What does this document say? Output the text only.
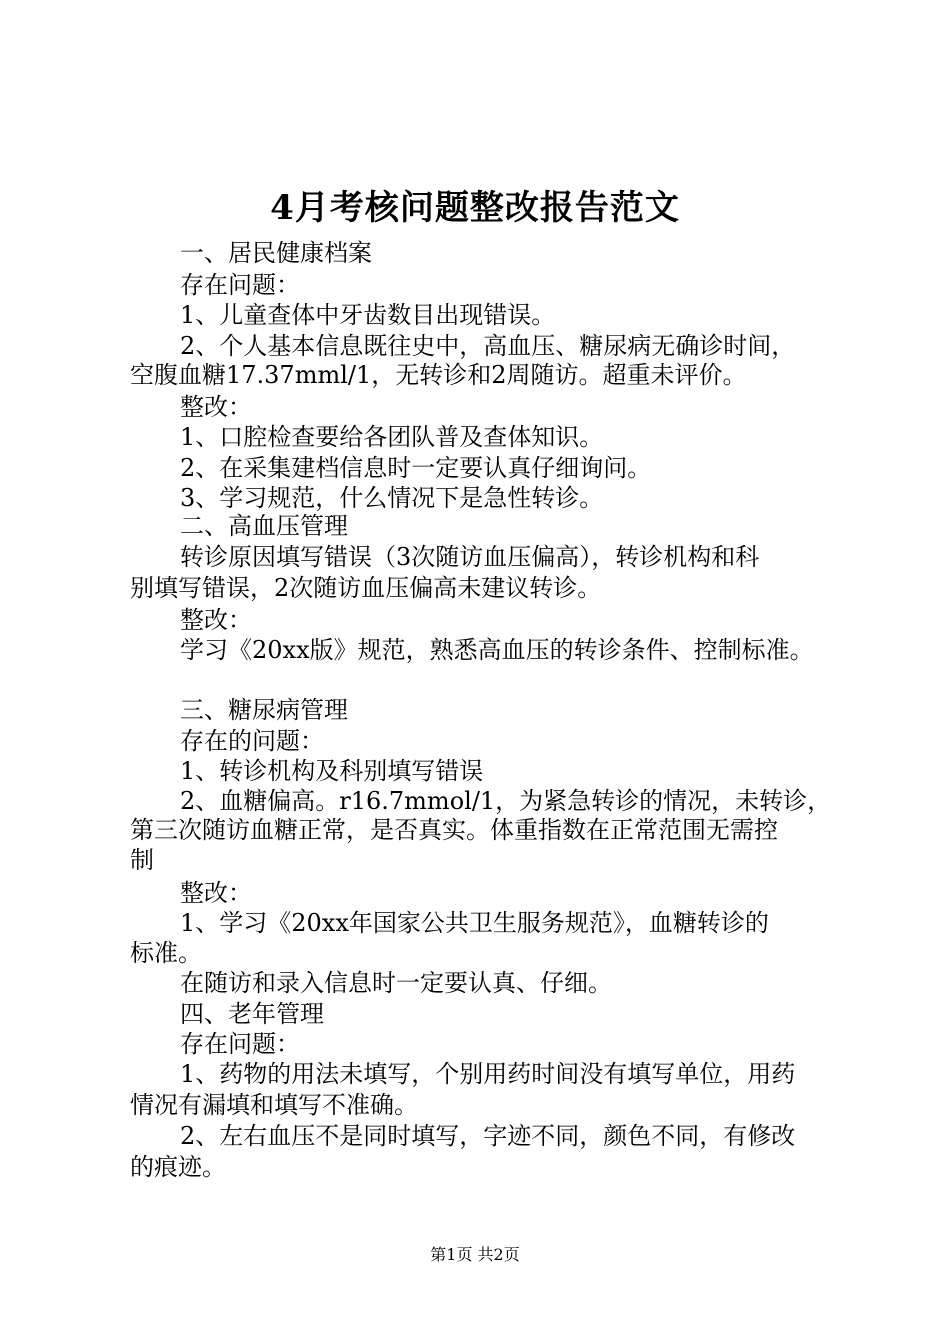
4月考核问题整改报告范文
一、居民健康档案
存在问题：
1、儿童查体中牙齿数目出现错误。
2、个人基本信息既往史中，高血压、糖尿病无确诊时间，
空腹血糖17.37mml/1，无转诊和2周随访。超重未评价。
整改：
1、口腔检查要给各团队普及查体知识。
2、在采集建档信息时一定要认真仔细询问。
3、学习规范，什么情况下是急性转诊。
二、高血压管理
转诊原因填写错误（3次随访血压偏高），转诊机构和科
别填写错误，2次随访血压偏高未建议转诊。
整改：
学习《20xx版》规范，熟悉高血压的转诊条件、控制标准。
三、糖尿病管理
存在的问题：
1、转诊机构及科别填写错误
2、血糖偏高。r16.7mmol/1，为紧急转诊的情况，未转诊，
第三次随访血糖正常，是否真实。体重指数在正常范围无需控
制
整改：
1、学习《20xx年国家公共卫生服务规范》，血糖转诊的
标准。
在随访和录入信息时一定要认真、仔细。
四、老年管理
存在问题：
1、药物的用法未填写，个别用药时间没有填写单位，用药
情况有漏填和填写不准确。
2、左右血压不是同时填写，字迹不同，颜色不同，有修改
的痕迹。
第1页 共2页
